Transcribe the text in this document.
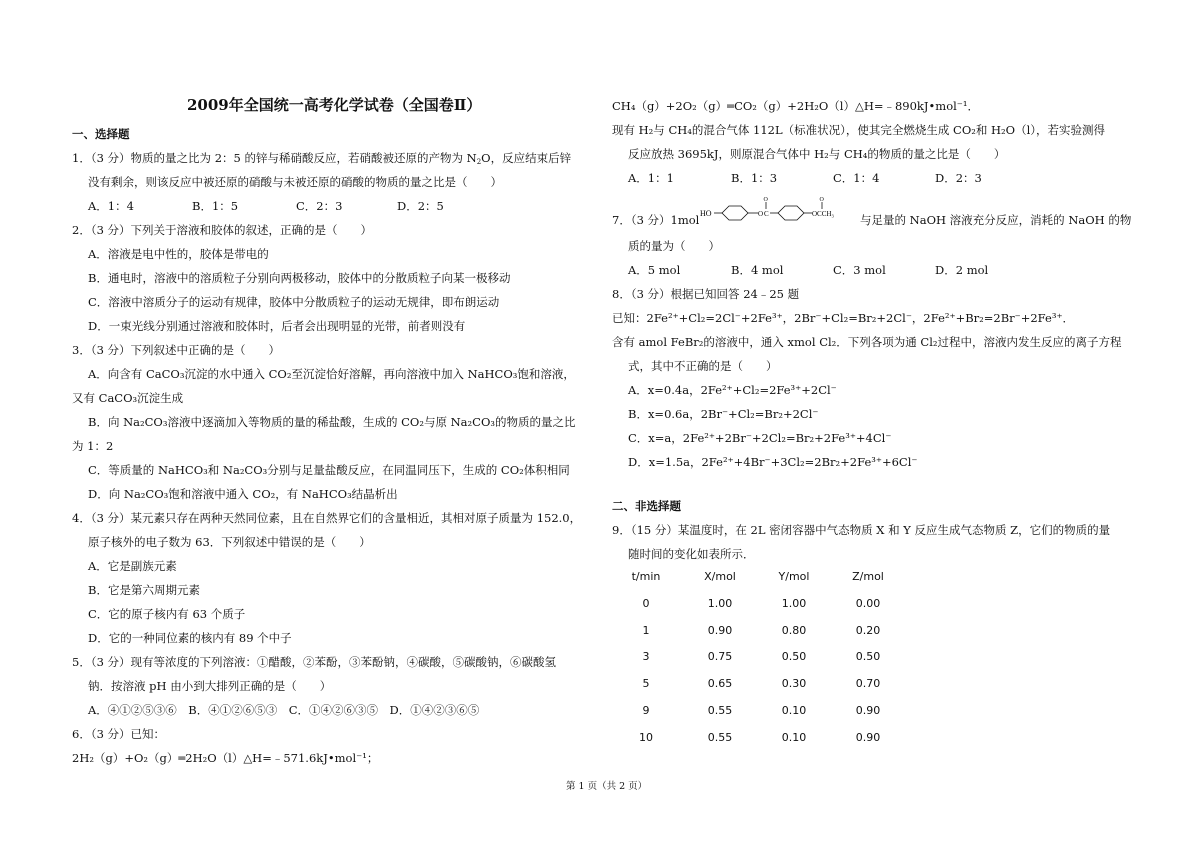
2009年全国统一高考化学试卷（全国卷Ⅱ）
一、选择题
1．（3 分）物质的量之比为 2：5 的锌与稀硝酸反应，若硝酸被还原的产物为 $N_2O$，反应结束后锌
没有剩余，则该反应中被还原的硝酸与未被还原的硝酸的物质的量之比是（　　）
A．1：4	B．1：5	C．2：3	D．2：5
2．（3 分）下列关于溶液和胶体的叙述，正确的是（　　）
A．溶液是电中性的，胶体是带电的
B．通电时，溶液中的溶质粒子分别向两极移动，胶体中的分散质粒子向某一极移动
C．溶液中溶质分子的运动有规律，胶体中分散质粒子的运动无规律，即布朗运动
D．一束光线分别通过溶液和胶体时，后者会出现明显的光带，前者则没有
3．（3 分）下列叙述中正确的是（　　）
A．向含有 CaCO₃沉淀的水中通入 CO₂至沉淀恰好溶解，再向溶液中加入 NaHCO₃饱和溶液，
又有 CaCO₃沉淀生成
B．向 Na₂CO₃溶液中逐滴加入等物质的量的稀盐酸，生成的 CO₂与原 Na₂CO₃的物质的量之比
为 1：2
C．等质量的 NaHCO₃和 Na₂CO₃分别与足量盐酸反应，在同温同压下，生成的 CO₂体积相同
D．向 Na₂CO₃饱和溶液中通入 CO₂，有 NaHCO₃结晶析出
4．（3 分）某元素只存在两种天然同位素，且在自然界它们的含量相近，其相对原子质量为 152.0，
原子核外的电子数为 63．下列叙述中错误的是（　　）
A．它是副族元素
B．它是第六周期元素
C．它的原子核内有 63 个质子
D．它的一种同位素的核内有 89 个中子
5．（3 分）现有等浓度的下列溶液：①醋酸，②苯酚，③苯酚钠，④碳酸，⑤碳酸钠，⑥碳酸氢
钠．按溶液 pH 由小到大排列正确的是（　　）
A．④①②⑤③⑥　B．④①②⑥⑤③　C．①④②⑥③⑤　D．①④②③⑥⑤
6．（3 分）已知：
2H₂（g）+O₂（g）═2H₂O（l）△H=﹣571.6kJ•mol⁻¹；
CH₄（g）+2O₂（g）═CO₂（g）+2H₂O（l）△H=﹣890kJ•mol⁻¹．
现有 H₂与 CH₄的混合气体 112L（标准状况），使其完全燃烧生成 CO₂和 H₂O（l），若实验测得
反应放热 3695kJ，则原混合气体中 H₂与 CH₄的物质的量之比是（　　）
A．1：1	B．1：3	C．1：4	D．2：3
7．（3 分）1mol HO	O C
O	O
OCCH₃ 与足量的 NaOH 溶液充分反应，消耗的 NaOH 的物
质的量为（　　）
A．5 mol	B．4 mol	C．3 mol	D．2 mol
8．（3 分）根据已知回答 24﹣25 题
已知：2Fe²⁺+Cl₂=2Cl⁻+2Fe³⁺，2Br⁻+Cl₂=Br₂+2Cl⁻，2Fe²⁺+Br₂=2Br⁻+2Fe³⁺．
含有 amol FeBr₂的溶液中，通入 xmol Cl₂．下列各项为通 Cl₂过程中，溶液内发生反应的离子方程
式，其中不正确的是（　　）
A．x=0.4a，2Fe²⁺+Cl₂=2Fe³⁺+2Cl⁻
B．x=0.6a，2Br⁻+Cl₂=Br₂+2Cl⁻
C．x=a，2Fe²⁺+2Br⁻+2Cl₂=Br₂+2Fe³⁺+4Cl⁻
D．x=1.5a，2Fe²⁺+4Br⁻+3Cl₂=2Br₂+2Fe³⁺+6Cl⁻
二、非选择题
9．（15 分）某温度时，在 2L 密闭容器中气态物质 X 和 Y 反应生成气态物质 Z，它们的物质的量
随时间的变化如表所示．
t/min	X/mol	Y/mol	Z/mol
0	1.00	1.00	0.00
1	0.90	0.80	0.20
3	0.75	0.50	0.50
5	0.65	0.30	0.70
9	0.55	0.10	0.90
10	0.55	0.10	0.90
第 1 页（共 2 页）
